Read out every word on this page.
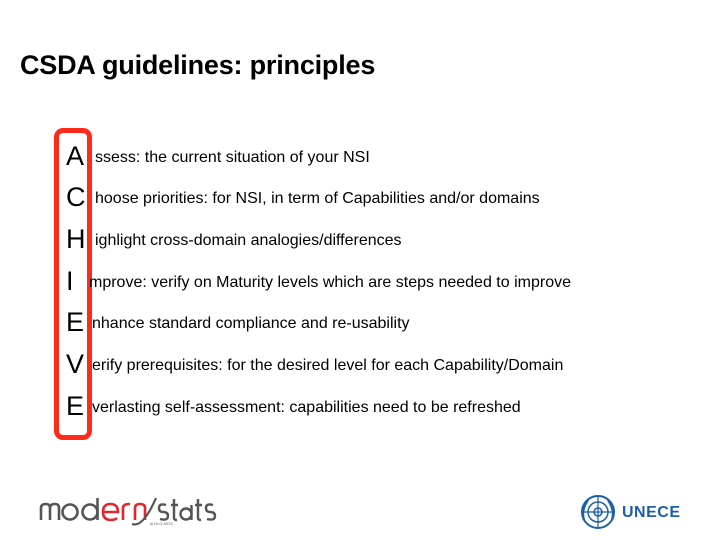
CSDA guidelines: principles
A ssess: the current situation of your NSI
C hoose priorities: for NSI, in term of Capabilities and/or domains
H ighlight cross-domain analogies/differences
I mprove: verify on Maturity levels which are steps needed to improve
E nhance standard compliance and re-usability
V erify prerequisites: for the desired level for each Capability/Domain
E verlasting self-assessment: capabilities need to be refreshed
ai HLG-MOS
UNECE
